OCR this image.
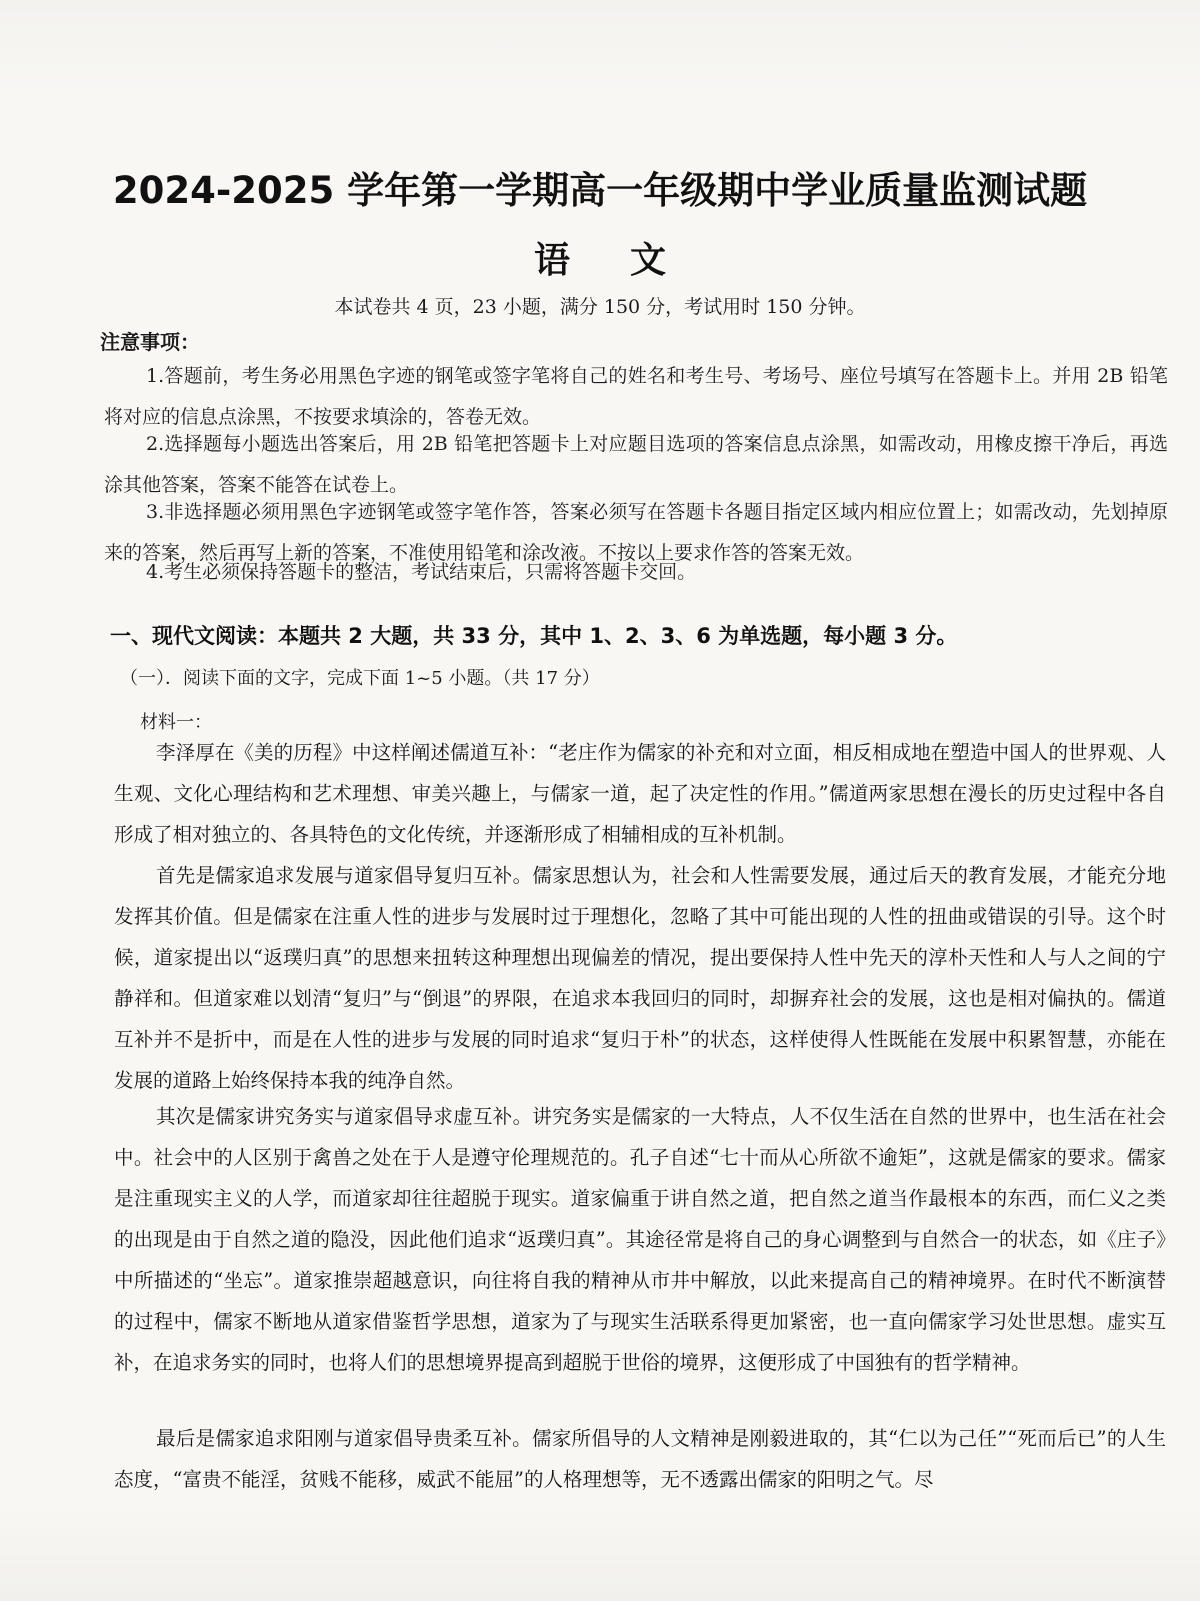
2024-2025 学年第一学期高一年级期中学业质量监测试题
语文
本试卷共 4 页，23 小题，满分 150 分，考试用时 150 分钟。
注意事项：
1.答题前，考生务必用黑色字迹的钢笔或签字笔将自己的姓名和考生号、考场号、座位号填写在答题卡上。并用 2B 铅笔将对应的信息点涂黑，不按要求填涂的，答卷无效。
2.选择题每小题选出答案后，用 2B 铅笔把答题卡上对应题目选项的答案信息点涂黑，如需改动，用橡皮擦干净后，再选涂其他答案，答案不能答在试卷上。
3.非选择题必须用黑色字迹钢笔或签字笔作答，答案必须写在答题卡各题目指定区域内相应位置上；如需改动，先划掉原来的答案，然后再写上新的答案，不准使用铅笔和涂改液。不按以上要求作答的答案无效。
4.考生必须保持答题卡的整洁，考试结束后，只需将答题卡交回。
一、现代文阅读：本题共 2 大题，共 33 分，其中 1、2、3、6 为单选题，每小题 3 分。
（一）．阅读下面的文字，完成下面 1~5 小题。（共 17 分）
材料一：
李泽厚在《美的历程》中这样阐述儒道互补：“老庄作为儒家的补充和对立面，相反相成地在塑造中国人的世界观、人生观、文化心理结构和艺术理想、审美兴趣上，与儒家一道，起了决定性的作用。”儒道两家思想在漫长的历史过程中各自形成了相对独立的、各具特色的文化传统，并逐渐形成了相辅相成的互补机制。
首先是儒家追求发展与道家倡导复归互补。儒家思想认为，社会和人性需要发展，通过后天的教育发展，才能充分地发挥其价值。但是儒家在注重人性的进步与发展时过于理想化，忽略了其中可能出现的人性的扭曲或错误的引导。这个时候，道家提出以“返璞归真”的思想来扭转这种理想出现偏差的情况，提出要保持人性中先天的淳朴天性和人与人之间的宁静祥和。但道家难以划清“复归”与“倒退”的界限，在追求本我回归的同时，却摒弃社会的发展，这也是相对偏执的。儒道互补并不是折中，而是在人性的进步与发展的同时追求“复归于朴”的状态，这样使得人性既能在发展中积累智慧，亦能在发展的道路上始终保持本我的纯净自然。
其次是儒家讲究务实与道家倡导求虚互补。讲究务实是儒家的一大特点，人不仅生活在自然的世界中，也生活在社会中。社会中的人区别于禽兽之处在于人是遵守伦理规范的。孔子自述“七十而从心所欲不逾矩”，这就是儒家的要求。儒家是注重现实主义的人学，而道家却往往超脱于现实。道家偏重于讲自然之道，把自然之道当作最根本的东西，而仁义之类的出现是由于自然之道的隐没，因此他们追求“返璞归真”。其途径常是将自己的身心调整到与自然合一的状态，如《庄子》中所描述的“坐忘”。道家推崇超越意识，向往将自我的精神从市井中解放，以此来提高自己的精神境界。在时代不断演替的过程中，儒家不断地从道家借鉴哲学思想，道家为了与现实生活联系得更加紧密，也一直向儒家学习处世思想。虚实互补，在追求务实的同时，也将人们的思想境界提高到超脱于世俗的境界，这便形成了中国独有的哲学精神。
最后是儒家追求阳刚与道家倡导贵柔互补。儒家所倡导的人文精神是刚毅进取的，其“仁以为己任”“死而后已”的人生态度，“富贵不能淫，贫贱不能移，威武不能屈”的人格理想等，无不透露出儒家的阳明之气。尽
